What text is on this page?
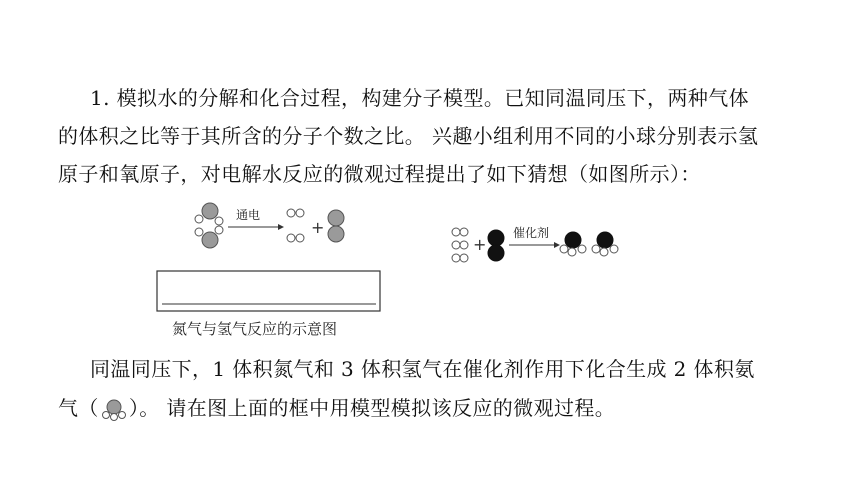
1. 模拟水的分解和化合过程，构建分子模型。已知同温同压下，两种气体
的体积之比等于其所含的分子个数之比。 兴趣小组利用不同的小球分别表示氢
原子和氧原子，对电解水反应的微观过程提出了如下猜想（如图所示）：
通电
+
+
催化剂
氮气与氢气反应的示意图
同温同压下，1 体积氮气和 3 体积氢气在催化剂作用下化合生成 2 体积氨
气（ ）。 请在图上面的框中用模型模拟该反应的微观过程。
